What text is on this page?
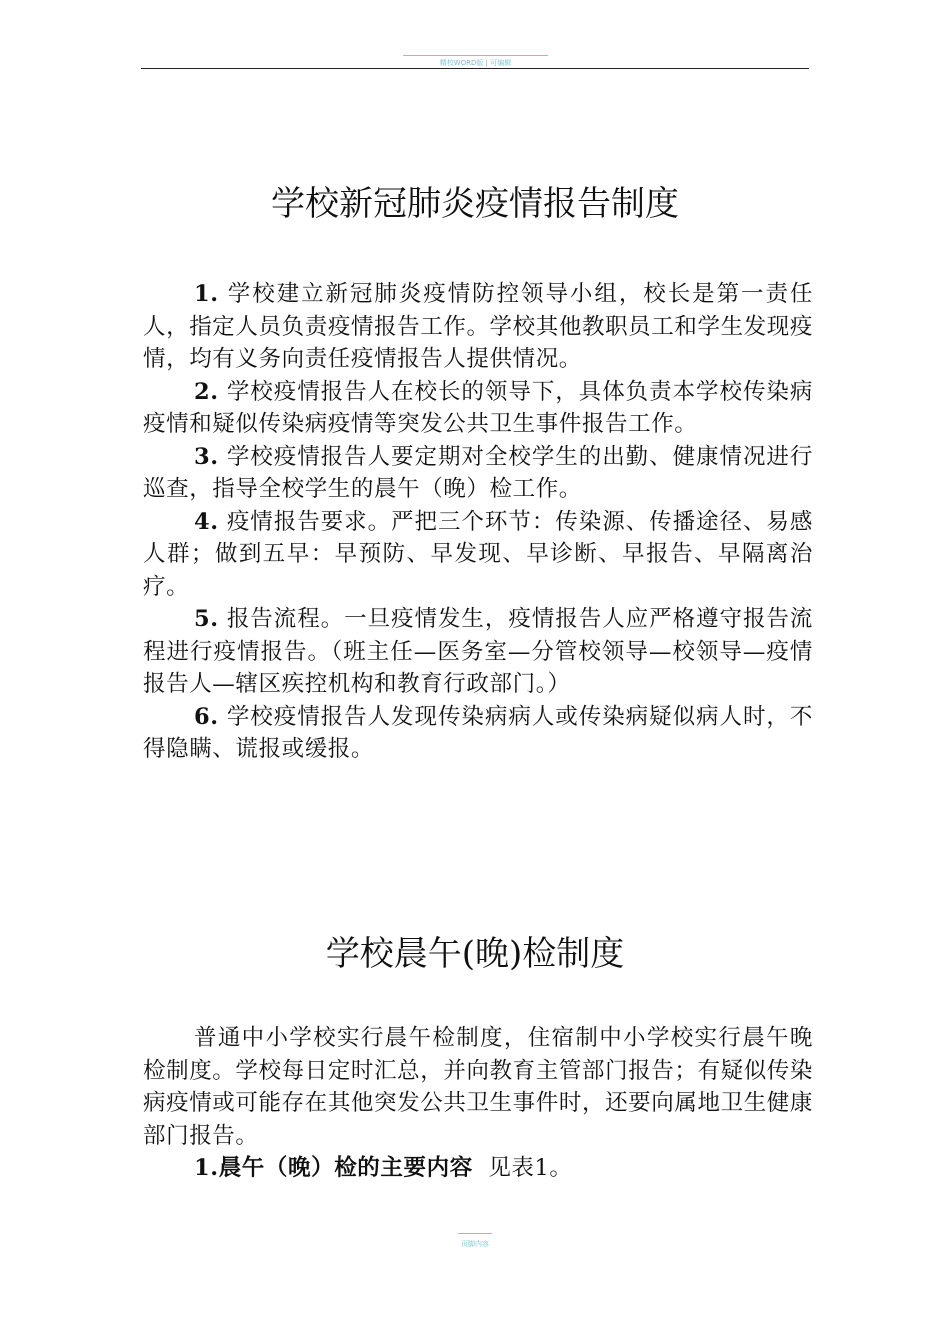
精校WORD版 | 可编辑
学校新冠肺炎疫情报告制度

1. 学校建立新冠肺炎疫情防控领导小组，校长是第一责任人，指定人员负责疫情报告工作。学校其他教职员工和学生发现疫情，均有义务向责任疫情报告人提供情况。

2. 学校疫情报告人在校长的领导下，具体负责本学校传染病疫情和疑似传染病疫情等突发公共卫生事件报告工作。

3. 学校疫情报告人要定期对全校学生的出勤、健康情况进行巡查，指导全校学生的晨午（晚）检工作。

4. 疫情报告要求。严把三个环节：传染源、传播途径、易感人群；做到五早：早预防、早发现、早诊断、早报告、早隔离治疗。

5. 报告流程。一旦疫情发生，疫情报告人应严格遵守报告流程进行疫情报告。（班主任—医务室—分管校领导—校领导—疫情报告人—辖区疾控机构和教育行政部门。）

6. 学校疫情报告人发现传染病病人或传染病疑似病人时，不得隐瞒、谎报或缓报。

学校晨午(晚)检制度

普通中小学校实行晨午检制度，住宿制中小学校实行晨午晚检制度。学校每日定时汇总，并向教育主管部门报告；有疑似传染病疫情或可能存在其他突发公共卫生事件时，还要向属地卫生健康部门报告。

1.晨午（晚）检的主要内容 见表1。

页脚内容
